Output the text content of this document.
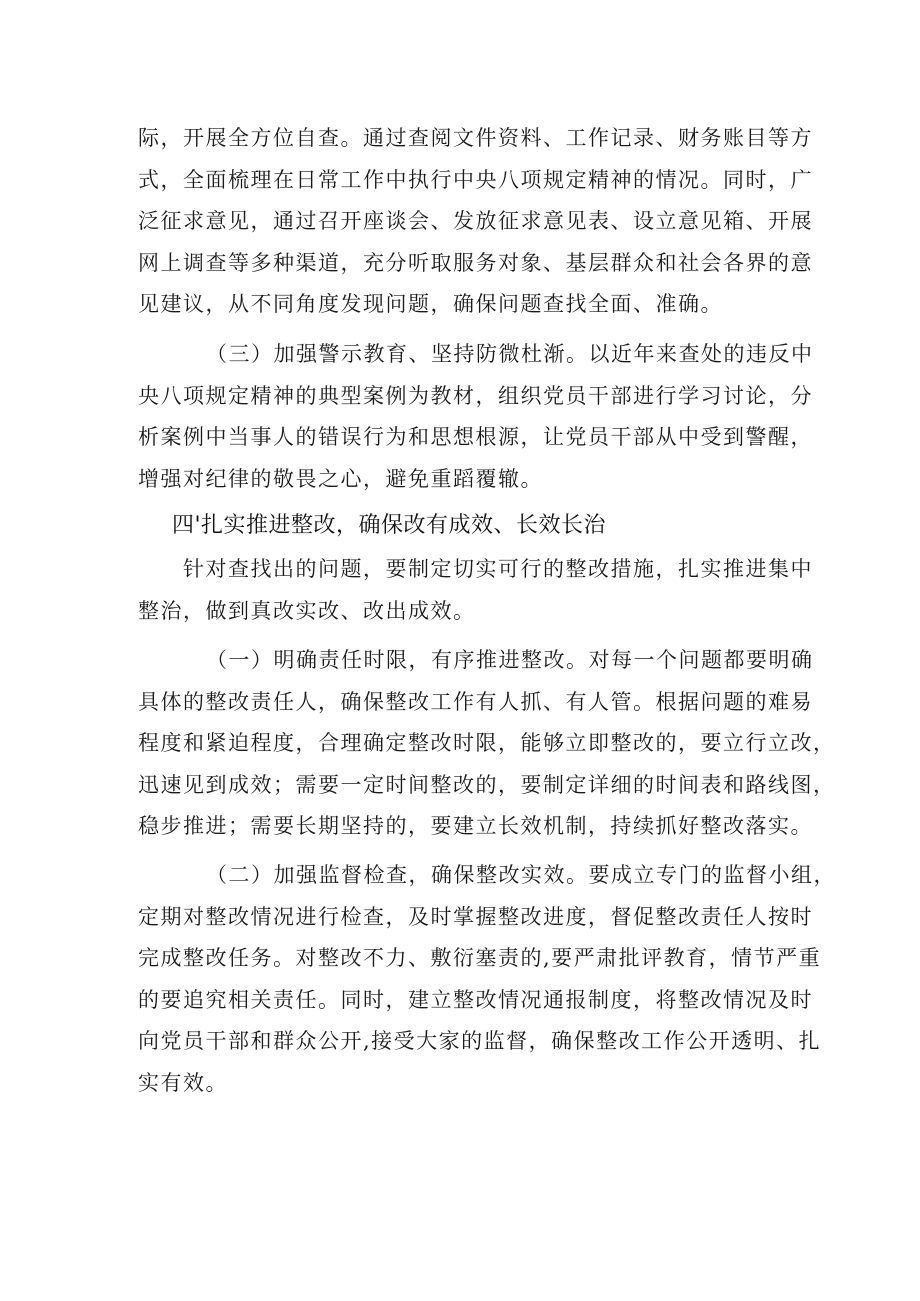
际，开展全方位自查。通过查阅文件资料、工作记录、财务账目等方
式，全面梳理在日常工作中执行中央八项规定精神的情况。同时，广
泛征求意见，通过召开座谈会、发放征求意见表、设立意见箱、开展
网上调查等多种渠道，充分听取服务对象、基层群众和社会各界的意
见建议，从不同角度发现问题，确保问题查找全面、准确。
（三）加强警示教育、坚持防微杜渐。以近年来查处的违反中
央八项规定精神的典型案例为教材，组织党员干部进行学习讨论，分
析案例中当事人的错误行为和思想根源，让党员干部从中受到警醒，
增强对纪律的敬畏之心，避免重蹈覆辙。
四'扎实推进整改，确保改有成效、长效长治
针对查找出的问题，要制定切实可行的整改措施，扎实推进集中
整治，做到真改实改、改出成效。
（一）明确责任时限，有序推进整改。对每一个问题都要明确
具体的整改责任人，确保整改工作有人抓、有人管。根据问题的难易
程度和紧迫程度，合理确定整改时限，能够立即整改的，要立行立改，
迅速见到成效；需要一定时间整改的，要制定详细的时间表和路线图，
稳步推进；需要长期坚持的，要建立长效机制，持续抓好整改落实。
（二）加强监督检查，确保整改实效。要成立专门的监督小组，
定期对整改情况进行检查，及时掌握整改进度，督促整改责任人按时
完成整改任务。对整改不力、敷衍塞责的,要严肃批评教育，情节严重
的要追究相关责任。同时，建立整改情况通报制度，将整改情况及时
向党员干部和群众公开,接受大家的监督，确保整改工作公开透明、扎
实有效。
